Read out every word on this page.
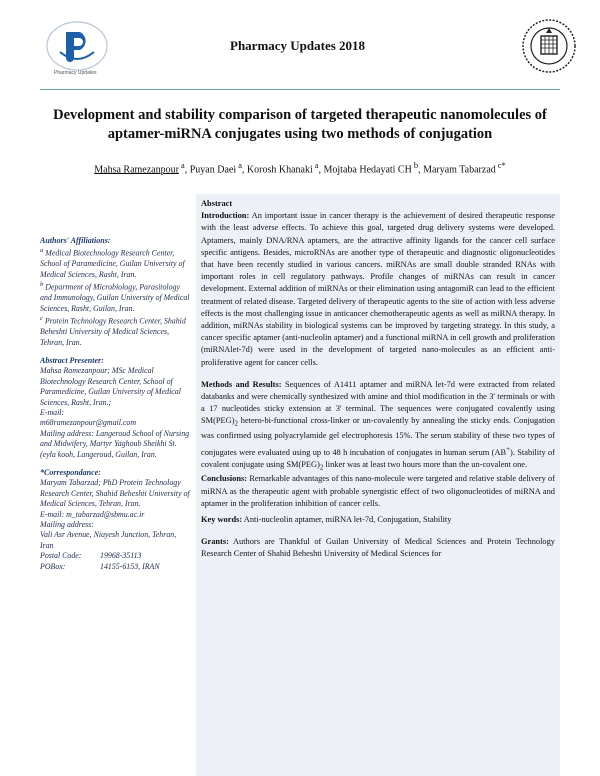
Pharmacy Updates
Pharmacy Updates 2018
Development and stability comparison of targeted therapeutic nanomolecules of aptamer-miRNA conjugates using two methods of conjugation
Mahsa Ramezanpour $^a$, Puyan Daei $^a$, Korosh Khanaki $^a$, Mojtaba Hedayati CH $^b$, Maryam Tabarzad $^{c*}$
Authors' Affiliations:

$^a$ Medical Biotechnology Research Center, School of Paramedicine, Guilan University of Medical Sciences, Rasht, Iran.

$^b$ Department of Microbiology, Parasitology and Immunology, Guilan University of Medical Sciences, Rasht, Guilan, Iran.

$^c$ Protein Technology Research Center, Shahid Beheshti University of Medical Sciences, Tehran, Iran.

Abstract Presenter:

Mahsa Ramezanpour; MSc Medical Biotechnology Research Center, School of Paramedicine, Guilan University of Medical Sciences, Rasht, Iran.;

E-mail:

m68ramezanpour@gmail.com

Mailing address: Langeroud School of Nursing and Midwifery, Martyr Yaghoub Sheikhi St. (eyla kooh, Langeroud, Guilan, Iran.

*Correspondance:

Maryam Tabarzad; PhD Protein Technology Research Center, Shahid Beheshti University of Medical Sciences, Tehran, Iran.

E-mail: m_tabarzad@sbmu.ac.ir

Mailing address:

Vali Asr Avenue, Niayesh Junction, Tehran, Iran

Postal Code:	19968-35113

POBox:	14155-6153, IRAN

Abstract

Introduction: An important issue in cancer therapy is the achievement of desired therapeutic response with the least adverse effects. To achieve this goal, targeted drug delivery systems were developed. Aptamers, mainly DNA/RNA aptamers, are the attractive affinity ligands for the cancer cell surface specific antigens. Besides, microRNAs are another type of therapeutic and diagnostic oligonucleotides that have been recently studied in various cancers. miRNAs are small double stranded RNAs with important roles in cell regulatory pathways. Profile changes of miRNAs can result in cancer development. External addition of miRNAs or their elimination using antagomiR can lead to the efficient treatment of related disease. Targeted delivery of therapeutic agents to the site of action with less adverse effects is the most challenging issue in anticancer chemotherapeutic agents as well as miRNA therapy. In addition, miRNAs stability in biological systems can be improved by targeting strategy. In this study, a cancer specific aptamer (anti-nucleolin aptamer) and a functional miRNA in cell growth and proliferation (miRNAlet-7d) were used in the development of targeted nano-molecules as an efficient anti-proliferative agent for cancer cells.

Methods and Results: Sequences of A1411 aptamer and miRNA let-7d were extracted from related databanks and were chemically synthesized with amine and thiol modification in the 3' terminals or with a 17 nucleotides sticky extension at 3' terminal. The sequences were conjugated covalently using $SM(PEG)_2$ hetero-bi-functional cross-linker or un-covalently by annealing the sticky ends. Conjugation was confirmed using polyacrylamide gel electrophoresis 15%. The serum stability of these two types of conjugates were evaluated using up to 48 h incubation of conjugates in human serum (AB+). Stability of covalent conjugate using $SM(PEG)_2$ linker was at least two hours more than the un-covalent one.

Conclusions: Remarkable advantages of this nano-molecule were targeted and relative stable delivery of miRNA as the therapeutic agent with probable synergistic effect of two oligonucleotides of miRNA and aptamer in the proliferation inhibition of cancer cells.

Key words: Anti-nucleolin aptamer, miRNA let-7d, Conjugation, Stability

Grants: Authors are Thankful of Guilan University of Medical Sciences and Protein Technology Research Center of Shahid Beheshti University of Medical Sciences for
